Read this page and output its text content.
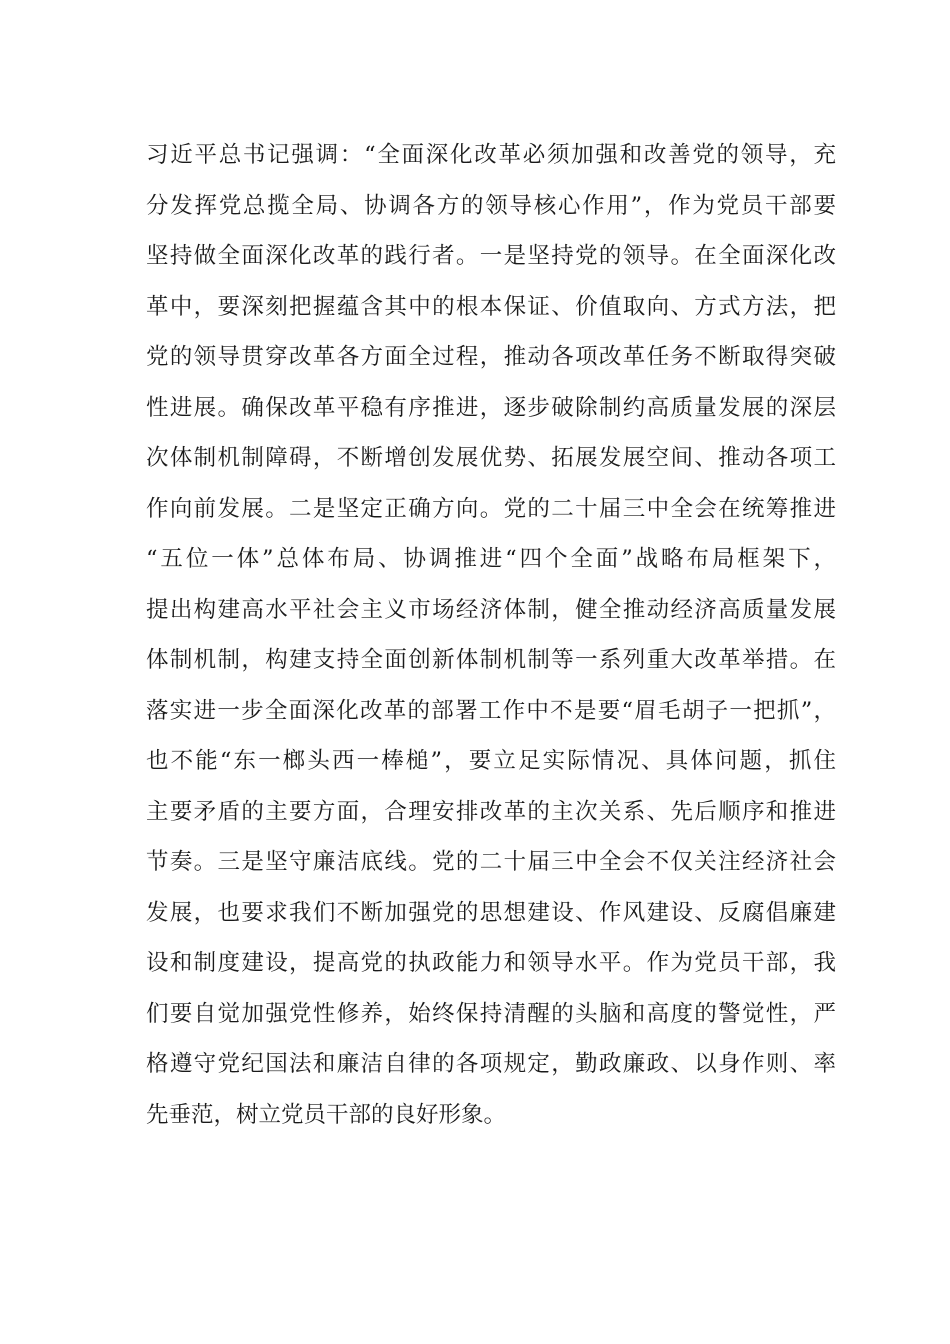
习近平总书记强调：“全面深化改革必须加强和改善党的领导，充
分发挥党总揽全局、协调各方的领导核心作用”，作为党员干部要
坚持做全面深化改革的践行者。一是坚持党的领导。在全面深化改
革中，要深刻把握蕴含其中的根本保证、价值取向、方式方法，把
党的领导贯穿改革各方面全过程，推动各项改革任务不断取得突破
性进展。确保改革平稳有序推进，逐步破除制约高质量发展的深层
次体制机制障碍，不断增创发展优势、拓展发展空间、推动各项工
作向前发展。二是坚定正确方向。党的二十届三中全会在统筹推进
“五位一体”总体布局、协调推进“四个全面”战略布局框架下，
提出构建高水平社会主义市场经济体制，健全推动经济高质量发展
体制机制，构建支持全面创新体制机制等一系列重大改革举措。在
落实进一步全面深化改革的部署工作中不是要“眉毛胡子一把抓”，
也不能“东一榔头西一棒槌”，要立足实际情况、具体问题，抓住
主要矛盾的主要方面，合理安排改革的主次关系、先后顺序和推进
节奏。三是坚守廉洁底线。党的二十届三中全会不仅关注经济社会
发展，也要求我们不断加强党的思想建设、作风建设、反腐倡廉建
设和制度建设，提高党的执政能力和领导水平。作为党员干部，我
们要自觉加强党性修养，始终保持清醒的头脑和高度的警觉性，严
格遵守党纪国法和廉洁自律的各项规定，勤政廉政、以身作则、率
先垂范，树立党员干部的良好形象。
